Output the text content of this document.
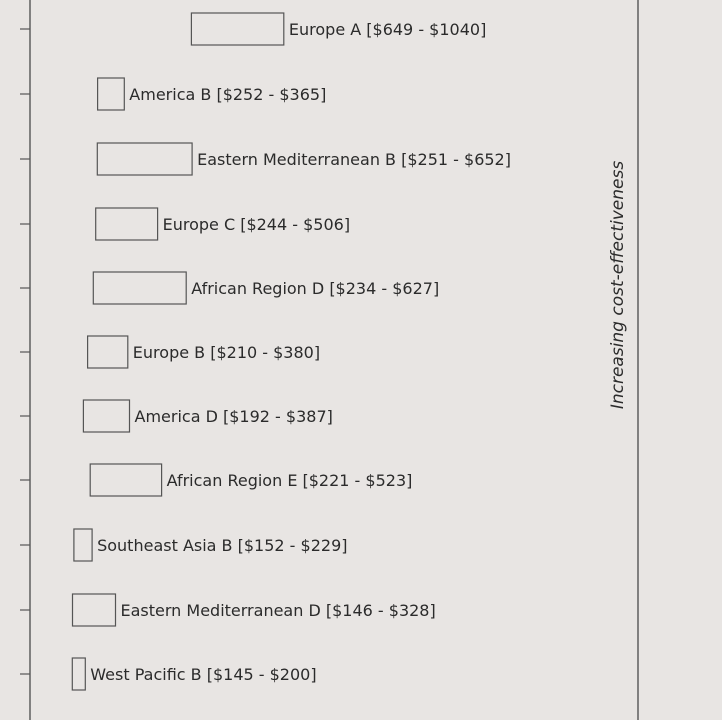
Europe A [$649 - $1040]
America B [$252 - $365]
Eastern Mediterranean B [$251 - $652]
Europe C [$244 - $506]
African Region D [$234 - $627]
Europe B [$210 - $380]
America D [$192 - $387]
African Region E [$221 - $523]
Southeast Asia B [$152 - $229]
Eastern Mediterranean D [$146 - $328]
West Pacific B [$145 - $200]
Increasing cost-effectiveness
